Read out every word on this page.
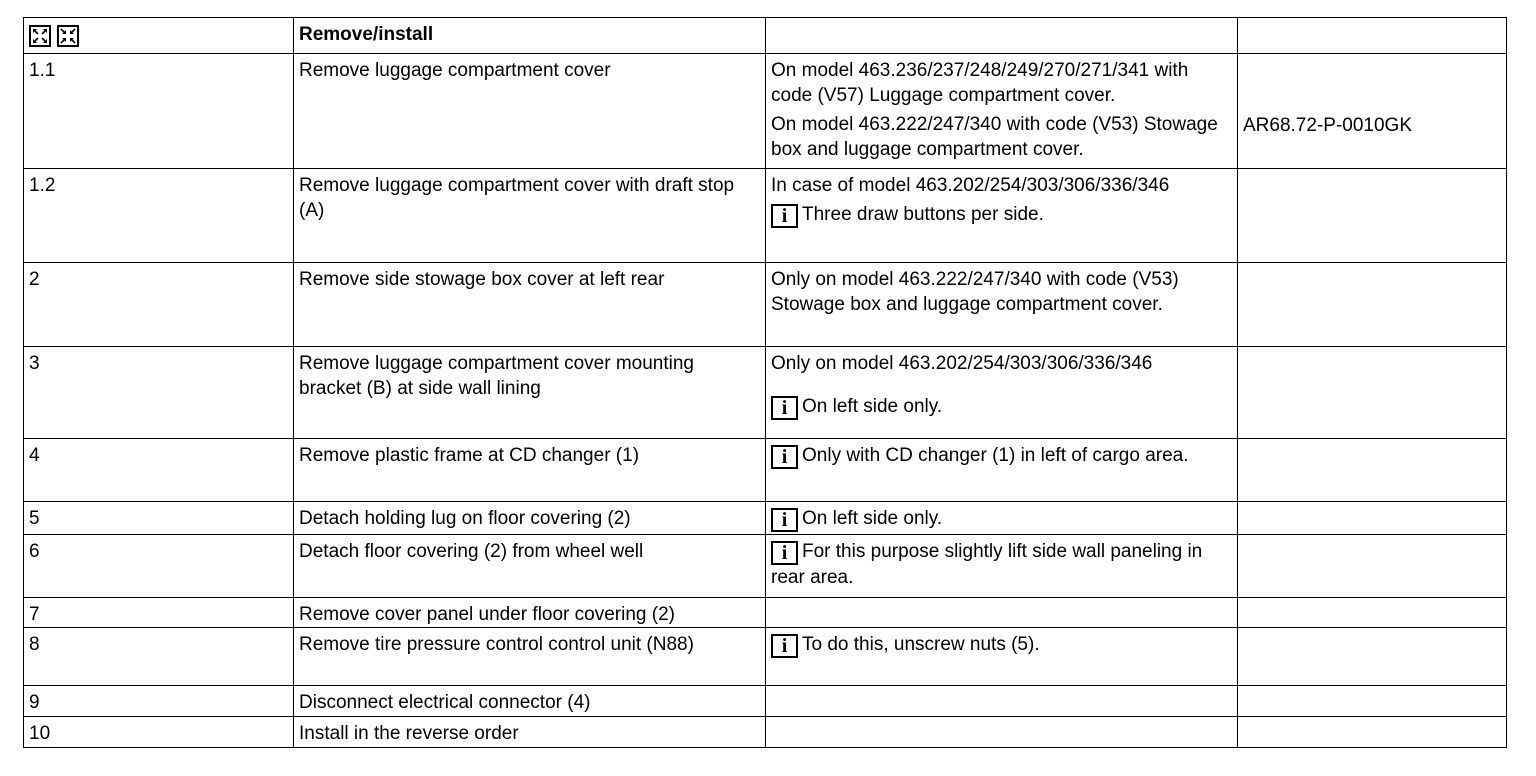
	Remove/install		
1.1	Remove luggage compartment cover	On model 463.236/237/248/249/270/271/341 with code (V57) Luggage compartment cover.
On model 463.222/247/340 with code (V53) Stowage box and luggage compartment cover.	AR68.72-P-0010GK
1.2	Remove luggage compartment cover with draft stop (A)	In case of model 463.202/254/303/306/336/346
i Three draw buttons per side.	

2	Remove side stowage box cover at left rear	Only on model 463.222/247/340 with code (V53) Stowage box and luggage compartment cover.	

3	Remove luggage compartment cover mounting bracket (B) at side wall lining	Only on model 463.202/254/303/306/336/346
i On left side only.	

4	Remove plastic frame at CD changer (1)	i Only with CD changer (1) in left of cargo area.	

5	Detach holding lug on floor covering (2)	i On left side only.	

6	Detach floor covering (2) from wheel well	i For this purpose slightly lift side wall paneling in rear area.	

7	Remove cover panel under floor covering (2)		

8	Remove tire pressure control control unit (N88)	i To do this, unscrew nuts (5).	

9	Disconnect electrical connector (4)		

10	Install in the reverse order		
